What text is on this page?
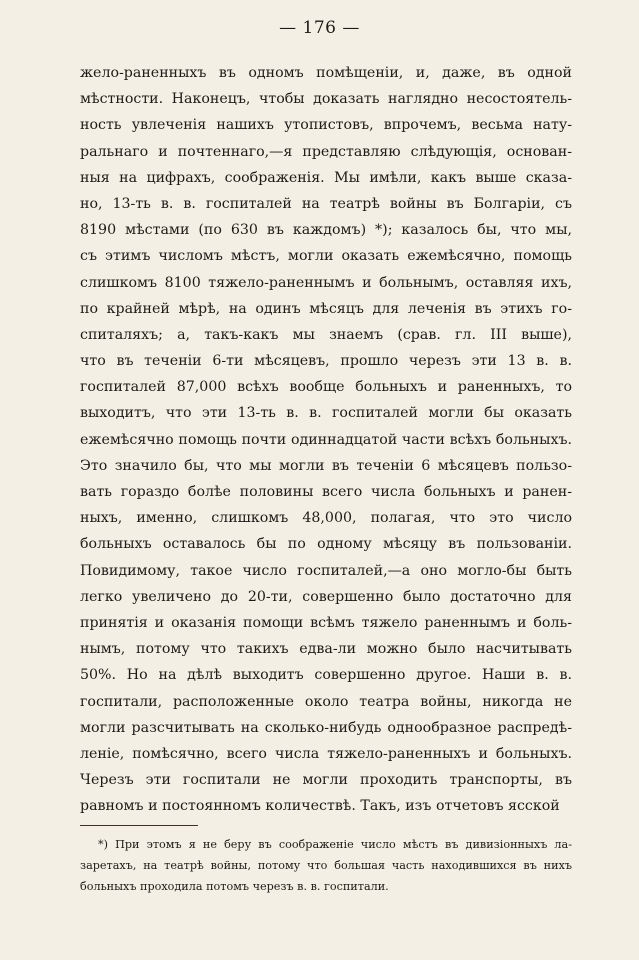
— 176 —
жело-раненныхъ въ одномъ помѣщенiи, и, даже, въ одной
мѣстности. Наконецъ, чтобы доказать наглядно несостоятель-
ность увлеченiя нашихъ утопистовъ, впрочемъ, весьма нату-
ральнаго и почтеннаго,—я представляю слѣдующiя, основан-
ныя на цифрахъ, соображенiя. Мы имѣли, какъ выше сказа-
но, 13-ть в. в. госпиталей на театрѣ войны въ Болгарiи, съ
8190 мѣстами (по 630 въ каждомъ) *); казалось бы, что мы,
съ этимъ числомъ мѣстъ, могли оказать ежемѣсячно, помощь
слишкомъ 8100 тяжело-раненнымъ и больнымъ, оставляя ихъ,
по крайней мѣрѣ, на одинъ мѣсяцъ для леченiя въ этихъ го-
спиталяхъ; а, такъ-какъ мы знаемъ (срав. гл. III выше),
что въ теченiи 6-ти мѣсяцевъ, прошло черезъ эти 13 в. в.
госпиталей 87,000 всѣхъ вообще больныхъ и раненныхъ, то
выходитъ, что эти 13-ть в. в. госпиталей могли бы оказать
ежемѣсячно помощь почти одиннадцатой части всѣхъ больныхъ.
Это значило бы, что мы могли въ теченiи 6 мѣсяцевъ пользо-
вать гораздо болѣе половины всего числа больныхъ и ранен-
ныхъ, именно, слишкомъ 48,000, полагая, что это число
больныхъ оставалось бы по одному мѣсяцу въ пользованiи.
Повидимому, такое число госпиталей,—а оно могло-бы быть
легко увеличено до 20-ти, совершенно было достаточно для
принятiя и оказанiя помощи всѣмъ тяжело раненнымъ и боль-
нымъ, потому что такихъ едва-ли можно было насчитывать
50%. Но на дѣлѣ выходитъ совершенно другое. Наши в. в.
госпитали, расположенные около театра войны, никогда не
могли разсчитывать на сколько-нибудь однообразное распредѣ-
ленiе, помѣсячно, всего числа тяжело-раненныхъ и больныхъ.
Черезъ эти госпитали не могли проходить транспорты, въ
равномъ и постоянномъ количествѣ. Такъ, изъ отчетовъ ясской
*) При этомъ я не беру въ соображенiе число мѣстъ въ дивизiонныхъ ла-
заретахъ, на театрѣ войны, потому что большая часть находившихся въ нихъ
больныхъ проходила потомъ черезъ в. в. госпитали.
